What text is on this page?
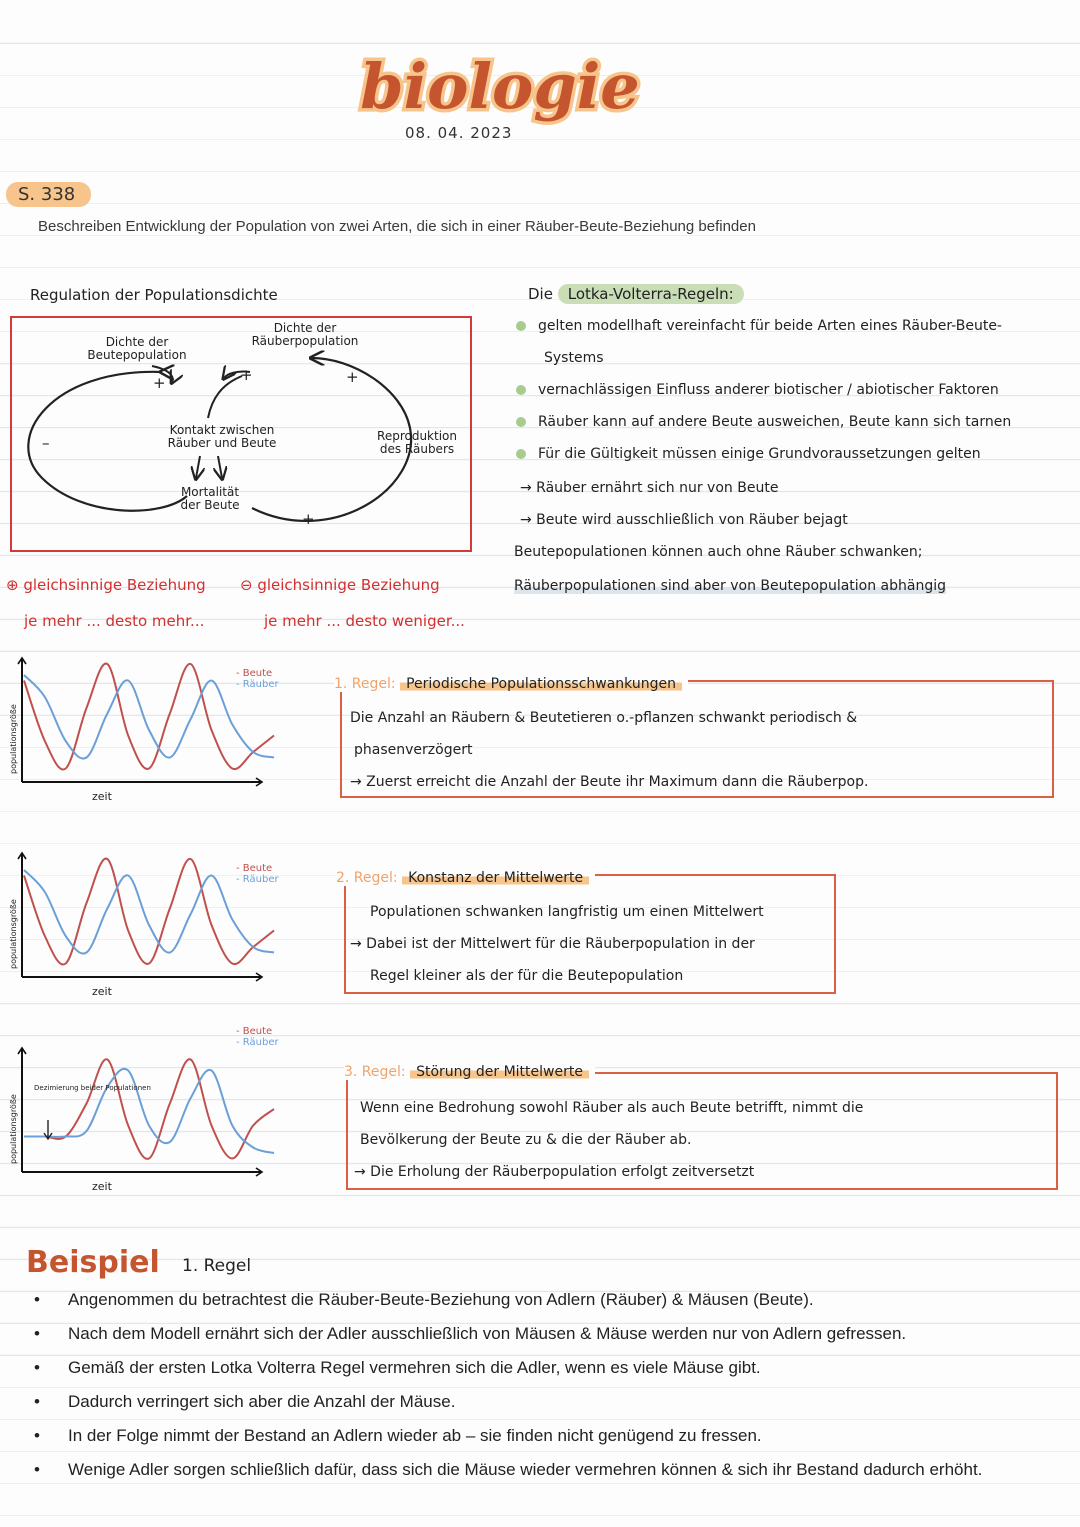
biologie
08. 04. 2023
S. 338
Beschreiben Entwicklung der Population von zwei Arten, die sich in einer Räuber-Beute-Beziehung befinden
Regulation der Populationsdichte
Dichte der Beutepopulation
Dichte der Räuberpopulation
Kontakt zwischen Räuber und Beute	Reproduktion des Räubers
Mortalität der Beute
+	+	+
+
–
⊕ gleichsinnige Beziehung ⊖ gleichsinnige Beziehung
je mehr ... desto mehr...	je mehr ... desto weniger...
Die Lotka-Volterra-Regeln:
gelten modellhaft vereinfacht für beide Arten eines Räuber-Beute-
Systems
vernachlässigen Einfluss anderer biotischer / abiotischer Faktoren
Räuber kann auf andere Beute ausweichen, Beute kann sich tarnen
Für die Gültigkeit müssen einige Grundvoraussetzungen gelten
→ Räuber ernährt sich nur von Beute
→ Beute wird ausschließlich von Räuber bejagt
Beutepopulationen können auch ohne Räuber schwanken;
Räuberpopulationen sind aber von Beutepopulation abhängig
zeit
populationsgröße
- Beute
- Räuber
zeit
populationsgröße
- Beute
- Räuber
zeit
populationsgröße
- Beute
- Räuber
Dezimierung beider Populationen
1. Regel: Periodische Populationsschwankungen
Die Anzahl an Räubern & Beutetieren o.-pflanzen schwankt periodisch &
phasenverzögert
→ Zuerst erreicht die Anzahl der Beute ihr Maximum dann die Räuberpop.
2. Regel: Konstanz der Mittelwerte
Populationen schwanken langfristig um einen Mittelwert
→ Dabei ist der Mittelwert für die Räuberpopulation in der
Regel kleiner als der für die Beutepopulation
3. Regel: Störung der Mittelwerte
Wenn eine Bedrohung sowohl Räuber als auch Beute betrifft, nimmt die
Bevölkerung der Beute zu & die der Räuber ab.
→ Die Erholung der Räuberpopulation erfolgt zeitversetzt
Beispiel 1. Regel
• Angenommen du betrachtest die Räuber-Beute-Beziehung von Adlern (Räuber) & Mäusen (Beute).
• Nach dem Modell ernährt sich der Adler ausschließlich von Mäusen & Mäuse werden nur von Adlern gefressen.
• Gemäß der ersten Lotka Volterra Regel vermehren sich die Adler, wenn es viele Mäuse gibt.
• Dadurch verringert sich aber die Anzahl der Mäuse.
• In der Folge nimmt der Bestand an Adlern wieder ab – sie finden nicht genügend zu fressen.
• Wenige Adler sorgen schließlich dafür, dass sich die Mäuse wieder vermehren können & sich ihr Bestand dadurch erhöht.
